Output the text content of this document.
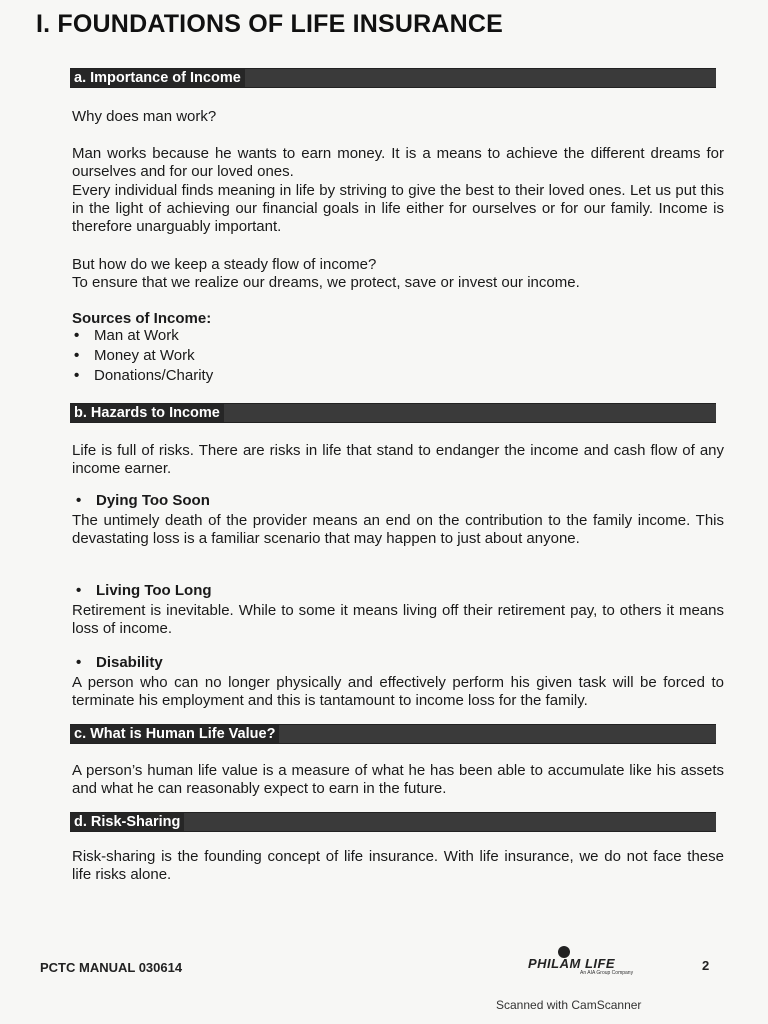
I. FOUNDATIONS OF LIFE INSURANCE
a. Importance of Income

Why does man work?

Man works because he wants to earn money. It is a means to achieve the different dreams for ourselves and for our loved ones.

Every individual finds meaning in life by striving to give the best to their loved ones. Let us put this in the light of achieving our financial goals in life either for ourselves or for our family. Income is therefore unarguably important.

But how do we keep a steady flow of income?

To ensure that we realize our dreams, we protect, save or invest our income.

Sources of Income:

• Man at Work
• Money at Work
• Donations/Charity
b. Hazards to Income

Life is full of risks. There are risks in life that stand to endanger the income and cash flow of any income earner.

• Dying Too Soon

The untimely death of the provider means an end on the contribution to the family income. This devastating loss is a familiar scenario that may happen to just about anyone.

• Living Too Long

Retirement is inevitable. While to some it means living off their retirement pay, to others it means loss of income.

• Disability

A person who can no longer physically and effectively perform his given task will be forced to terminate his employment and this is tantamount to income loss for the family.

c. What is Human Life Value?

A person’s human life value is a measure of what he has been able to accumulate like his assets and what he can reasonably expect to earn in the future.

d. Risk-Sharing

Risk-sharing is the founding concept of life insurance. With life insurance, we do not face these life risks alone.

PCTC MANUAL 030614	PHILAM LIFE
An AIA Group Company	2
Scanned with CamScanner
